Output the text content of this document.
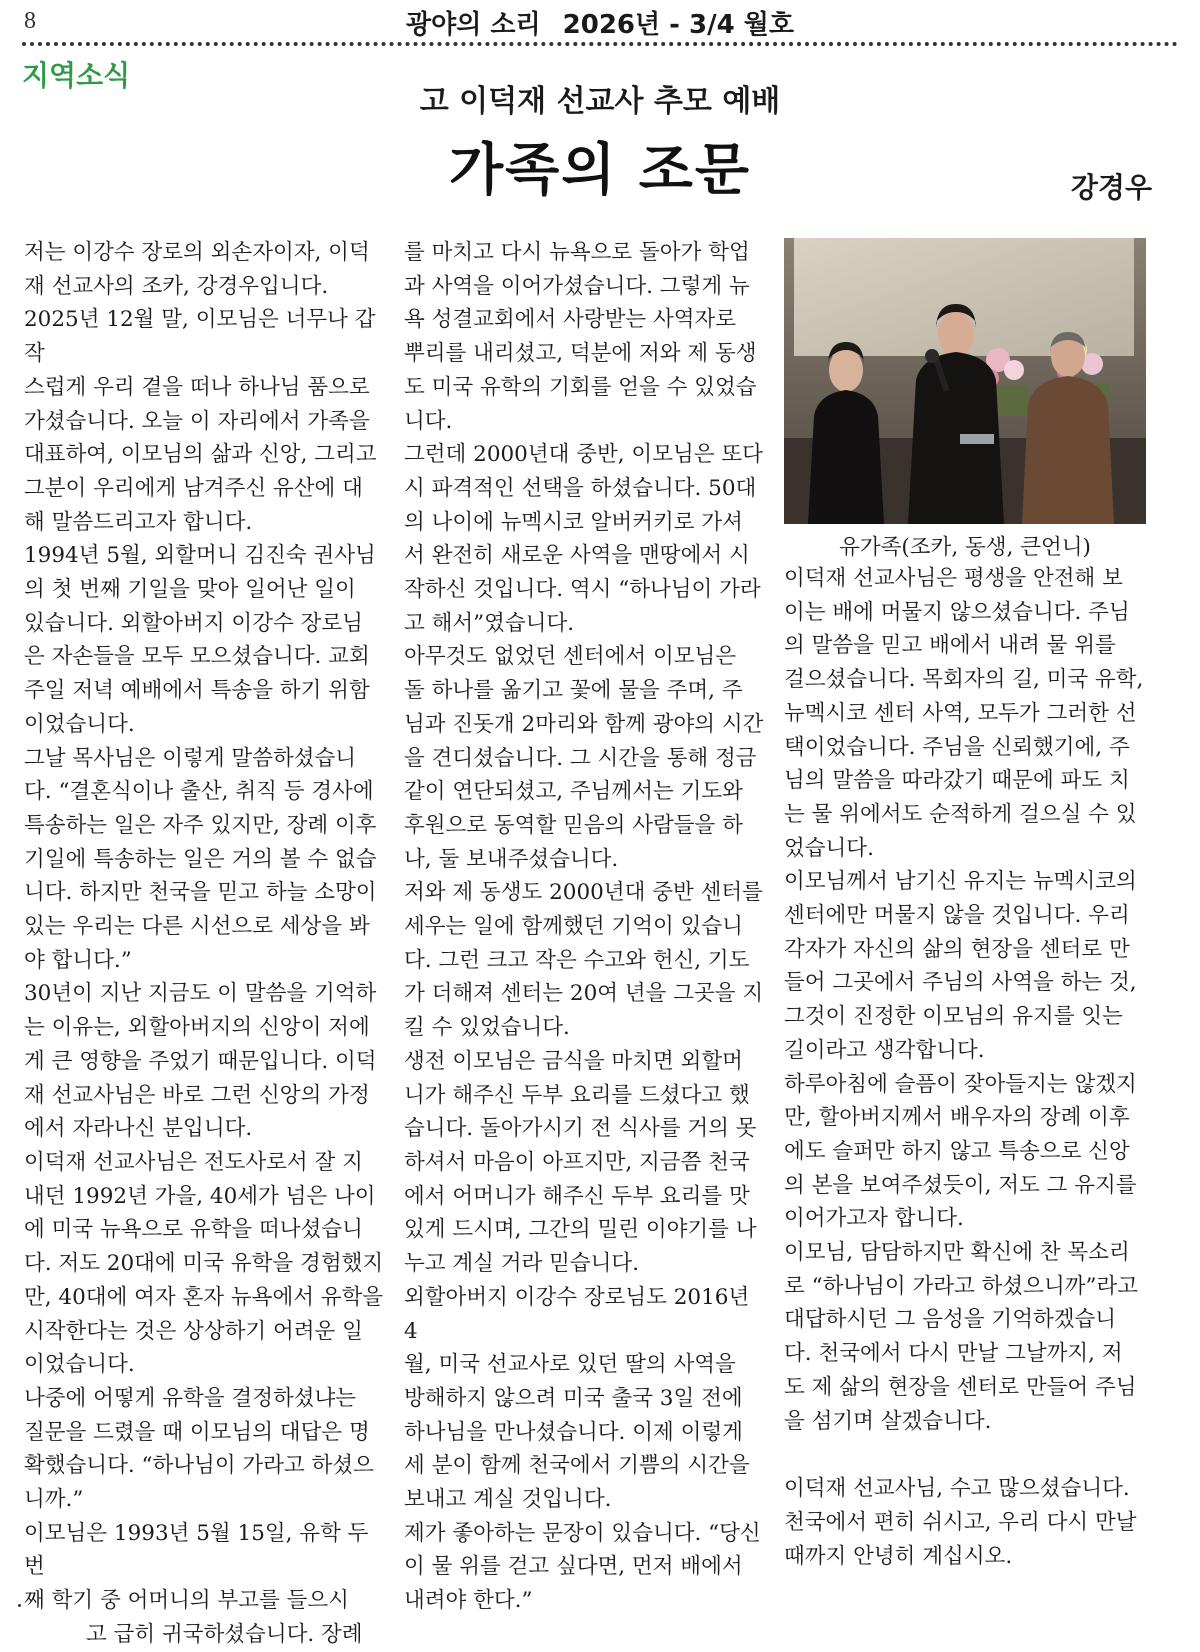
8	광야의 소리 2026년 - 3/4 월호
지역소식
고 이덕재 선교사 추모 예배
가족의 조문	강경우

저는 이강수 장로의 외손자이자, 이덕

재 선교사의 조카, 강경우입니다.

2025년 12월 말, 이모님은 너무나 갑작

스럽게 우리 곁을 떠나 하나님 품으로

가셨습니다. 오늘 이 자리에서 가족을

대표하여, 이모님의 삶과 신앙, 그리고

그분이 우리에게 남겨주신 유산에 대

해 말씀드리고자 합니다.

1994년 5월, 외할머니 김진숙 권사님

의 첫 번째 기일을 맞아 일어난 일이

있습니다. 외할아버지 이강수 장로님

은 자손들을 모두 모으셨습니다. 교회

주일 저녁 예배에서 특송을 하기 위함

이었습니다.

그날 목사님은 이렇게 말씀하셨습니

다. “결혼식이나 출산, 취직 등 경사에

특송하는 일은 자주 있지만, 장례 이후

기일에 특송하는 일은 거의 볼 수 없습

니다. 하지만 천국을 믿고 하늘 소망이

있는 우리는 다른 시선으로 세상을 봐

야 합니다.”

30년이 지난 지금도 이 말씀을 기억하

는 이유는, 외할아버지의 신앙이 저에

게 큰 영향을 주었기 때문입니다. 이덕

재 선교사님은 바로 그런 신앙의 가정

에서 자라나신 분입니다.

이덕재 선교사님은 전도사로서 잘 지

내던 1992년 가을, 40세가 넘은 나이

에 미국 뉴욕으로 유학을 떠나셨습니

다. 저도 20대에 미국 유학을 경험했지

만, 40대에 여자 혼자 뉴욕에서 유학을

시작한다는 것은 상상하기 어려운 일

이었습니다.

나중에 어떻게 유학을 결정하셨냐는

질문을 드렸을 때 이모님의 대답은 명

확했습니다. “하나님이 가라고 하셨으

니까.”

이모님은 1993년 5월 15일, 유학 두 번

째 학기 중 어머니의 부고를 들으시

고 급히 귀국하셨습니다. 장례

를 마치고 다시 뉴욕으로 돌아가 학업

과 사역을 이어가셨습니다. 그렇게 뉴

욕 성결교회에서 사랑받는 사역자로

뿌리를 내리셨고, 덕분에 저와 제 동생

도 미국 유학의 기회를 얻을 수 있었습

니다.

그런데 2000년대 중반, 이모님은 또다

시 파격적인 선택을 하셨습니다. 50대

의 나이에 뉴멕시코 알버커키로 가셔

서 완전히 새로운 사역을 맨땅에서 시

작하신 것입니다. 역시 “하나님이 가라

고 해서”였습니다.

아무것도 없었던 센터에서 이모님은

돌 하나를 옮기고 꽃에 물을 주며, 주

님과 진돗개 2마리와 함께 광야의 시간

을 견디셨습니다. 그 시간을 통해 정금

같이 연단되셨고, 주님께서는 기도와

후원으로 동역할 믿음의 사람들을 하

나, 둘 보내주셨습니다.

저와 제 동생도 2000년대 중반 센터를

세우는 일에 함께했던 기억이 있습니

다. 그런 크고 작은 수고와 헌신, 기도

가 더해져 센터는 20여 년을 그곳을 지

킬 수 있었습니다.

생전 이모님은 금식을 마치면 외할머

니가 해주신 두부 요리를 드셨다고 했

습니다. 돌아가시기 전 식사를 거의 못

하셔서 마음이 아프지만, 지금쯤 천국

에서 어머니가 해주신 두부 요리를 맛

있게 드시며, 그간의 밀린 이야기를 나

누고 계실 거라 믿습니다.

외할아버지 이강수 장로님도 2016년 4

월, 미국 선교사로 있던 딸의 사역을

방해하지 않으려 미국 출국 3일 전에

하나님을 만나셨습니다. 이제 이렇게

세 분이 함께 천국에서 기쁨의 시간을

보내고 계실 것입니다.

제가 좋아하는 문장이 있습니다. “당신

이 물 위를 걷고 싶다면, 먼저 배에서

내려야 한다.”

유가족(조카, 동생, 큰언니)

이덕재 선교사님은 평생을 안전해 보

이는 배에 머물지 않으셨습니다. 주님

의 말씀을 믿고 배에서 내려 물 위를

걸으셨습니다. 목회자의 길, 미국 유학,

뉴멕시코 센터 사역, 모두가 그러한 선

택이었습니다. 주님을 신뢰했기에, 주

님의 말씀을 따라갔기 때문에 파도 치

는 물 위에서도 순적하게 걸으실 수 있

었습니다.

이모님께서 남기신 유지는 뉴멕시코의

센터에만 머물지 않을 것입니다. 우리

각자가 자신의 삶의 현장을 센터로 만

들어 그곳에서 주님의 사역을 하는 것,

그것이 진정한 이모님의 유지를 잇는

길이라고 생각합니다.

하루아침에 슬픔이 잦아들지는 않겠지

만, 할아버지께서 배우자의 장례 이후

에도 슬퍼만 하지 않고 특송으로 신앙

의 본을 보여주셨듯이, 저도 그 유지를

이어가고자 합니다.

이모님, 담담하지만 확신에 찬 목소리

로 “하나님이 가라고 하셨으니까”라고

대답하시던 그 음성을 기억하겠습니

다. 천국에서 다시 만날 그날까지, 저

도 제 삶의 현장을 센터로 만들어 주님

을 섬기며 살겠습니다.

이덕재 선교사님, 수고 많으셨습니다.

천국에서 편히 쉬시고, 우리 다시 만날

때까지 안녕히 계십시오.
